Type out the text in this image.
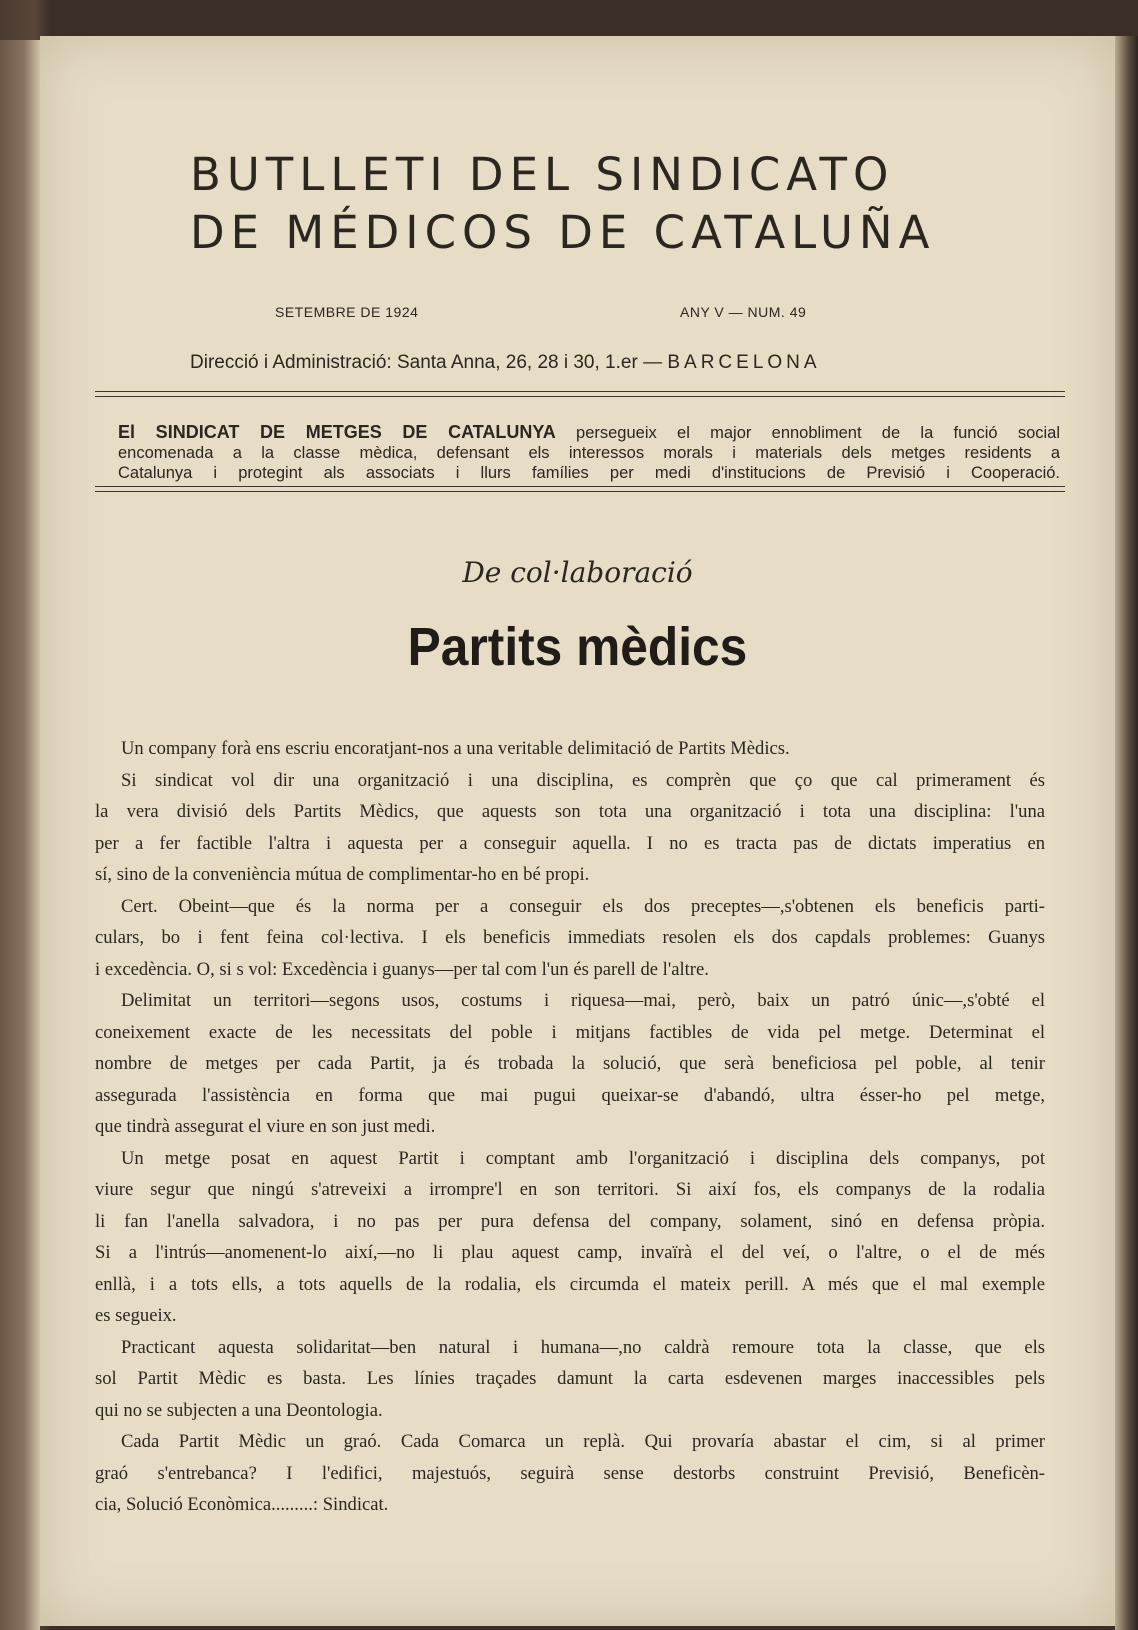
BUTLLETI DEL SINDICATO
DE MÉDICOS DE CATALUÑA
SETEMBRE DE 1924	ANY V — NUM. 49
Direcció i Administració: Santa Anna, 26, 28 i 30, 1.er — BARCELONA
El SINDICAT DE METGES DE CATALUNYA persegueix el major ennobliment de la funció social
encomenada a la classe mèdica, defensant els interessos morals i materials dels metges residents a
Catalunya i protegint als associats i llurs famílies per medi d'institucions de Previsió i Cooperació.
De col·laboració
Partits mèdics
Un company forà ens escriu encoratjant-nos a una veritable delimitació de Partits Mèdics.
Si sindicat vol dir una organització i una disciplina, es comprèn que ço que cal primerament és
la vera divisió dels Partits Mèdics, que aquests son tota una organització i tota una disciplina: l'una
per a fer factible l'altra i aquesta per a conseguir aquella. I no es tracta pas de dictats imperatius en
sí, sino de la conveniència mútua de complimentar-ho en bé propi.
Cert. Obeint—que és la norma per a conseguir els dos preceptes—,s'obtenen els beneficis parti-
culars, bo i fent feina col·lectiva. I els beneficis immediats resolen els dos capdals problemes: Guanys
i excedència. O, si s vol: Excedència i guanys—per tal com l'un és parell de l'altre.
Delimitat un territori—segons usos, costums i riquesa—mai, però, baix un patró únic—,s'obté el
coneixement exacte de les necessitats del poble i mitjans factibles de vida pel metge. Determinat el
nombre de metges per cada Partit, ja és trobada la solució, que serà beneficiosa pel poble, al tenir
assegurada l'assistència en forma que mai pugui queixar-se d'abandó, ultra ésser-ho pel metge,
que tindrà assegurat el viure en son just medi.
Un metge posat en aquest Partit i comptant amb l'organització i disciplina dels companys, pot
viure segur que ningú s'atreveixi a irrompre'l en son territori. Si així fos, els companys de la rodalia
li fan l'anella salvadora, i no pas per pura defensa del company, solament, sinó en defensa pròpia.
Si a l'intrús—anomenent-lo així,—no li plau aquest camp, invaïrà el del veí, o l'altre, o el de més
enllà, i a tots ells, a tots aquells de la rodalia, els circumda el mateix perill. A més que el mal exemple
es segueix.
Practicant aquesta solidaritat—ben natural i humana—,no caldrà remoure tota la classe, que els
sol Partit Mèdic es basta. Les línies traçades damunt la carta esdevenen marges inaccessibles pels
qui no se subjecten a una Deontologia.
Cada Partit Mèdic un graó. Cada Comarca un replà. Qui provaría abastar el cim, si al primer
graó s'entrebanca? I l'edifici, majestuós, seguirà sense destorbs construint Previsió, Beneficèn-
cia, Solució Econòmica.........: Sindicat.
